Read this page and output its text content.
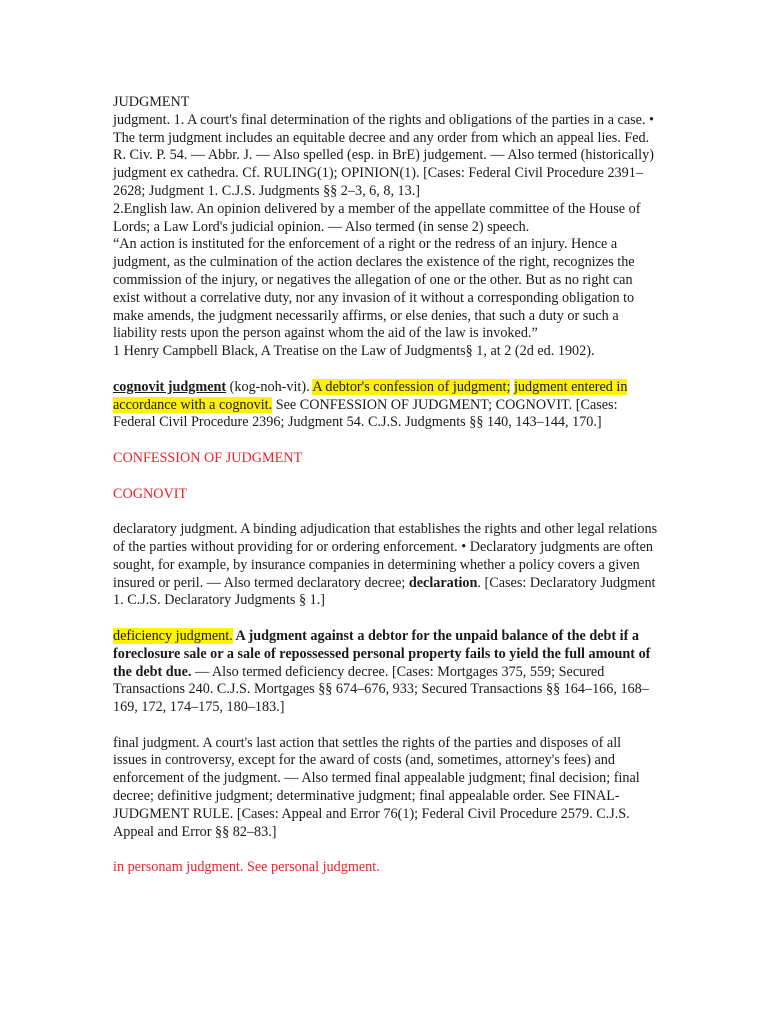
JUDGMENT

judgment. 1. A court's final determination of the rights and obligations of the parties in a case. • The term judgment includes an equitable decree and any order from which an appeal lies. Fed. R. Civ. P. 54. — Abbr. J. — Also spelled (esp. in BrE) judgement. — Also termed (historically) judgment ex cathedra. Cf. RULING(1); OPINION(1). [Cases: Federal Civil Procedure 2391–2628; Judgment 1. C.J.S. Judgments §§ 2–3, 6, 8, 13.]

2.English law. An opinion delivered by a member of the appellate committee of the House of Lords; a Law Lord's judicial opinion. — Also termed (in sense 2) speech.

“An action is instituted for the enforcement of a right or the redress of an injury. Hence a judgment, as the culmination of the action declares the existence of the right, recognizes the commission of the injury, or negatives the allegation of one or the other. But as no right can exist without a correlative duty, nor any invasion of it without a corresponding obligation to make amends, the judgment necessarily affirms, or else denies, that such a duty or such a liability rests upon the person against whom the aid of the law is invoked.”

1 Henry Campbell Black, A Treatise on the Law of Judgments§ 1, at 2 (2d ed. 1902).

cognovit judgment (kog-noh-vit). A debtor's confession of judgment; judgment entered in accordance with a cognovit. See CONFESSION OF JUDGMENT; COGNOVIT. [Cases: Federal Civil Procedure 2396; Judgment 54. C.J.S. Judgments §§ 140, 143–144, 170.]

CONFESSION OF JUDGMENT

COGNOVIT

declaratory judgment. A binding adjudication that establishes the rights and other legal relations of the parties without providing for or ordering enforcement. • Declaratory judgments are often sought, for example, by insurance companies in determining whether a policy covers a given insured or peril. — Also termed declaratory decree; declaration. [Cases: Declaratory Judgment 1. C.J.S. Declaratory Judgments § 1.]

deficiency judgment. A judgment against a debtor for the unpaid balance of the debt if a foreclosure sale or a sale of repossessed personal property fails to yield the full amount of the debt due. — Also termed deficiency decree. [Cases: Mortgages 375, 559; Secured Transactions 240. C.J.S. Mortgages §§ 674–676, 933; Secured Transactions §§ 164–166, 168–169, 172, 174–175, 180–183.]

final judgment. A court's last action that settles the rights of the parties and disposes of all issues in controversy, except for the award of costs (and, sometimes, attorney's fees) and enforcement of the judgment. — Also termed final appealable judgment; final decision; final decree; definitive judgment; determinative judgment; final appealable order. See FINAL-JUDGMENT RULE. [Cases: Appeal and Error 76(1); Federal Civil Procedure 2579. C.J.S. Appeal and Error §§ 82–83.]

in personam judgment. See personal judgment.
